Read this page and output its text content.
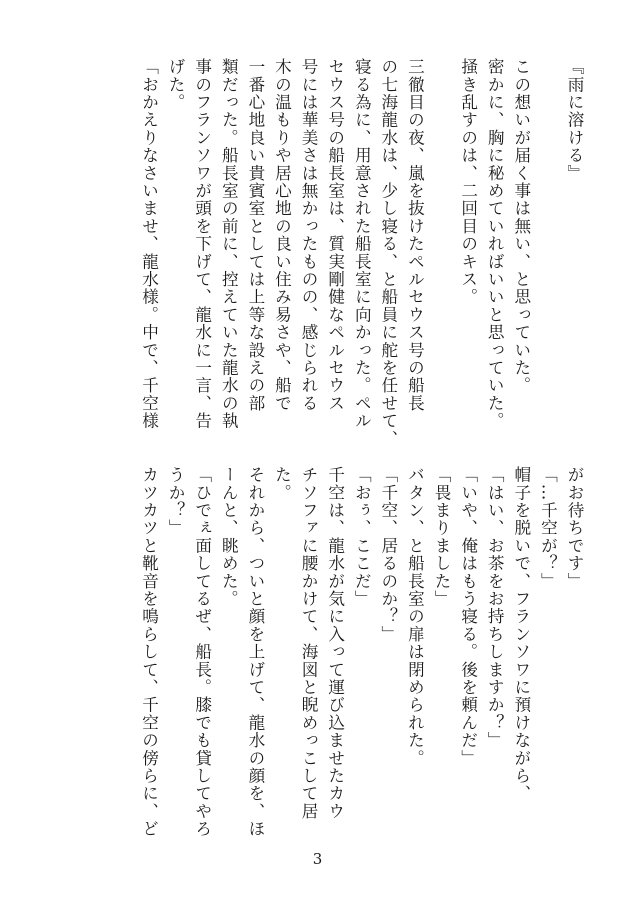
『雨に溶ける』
この想いが届く事は無い、と思っていた。
密かに、胸に秘めていればいいと思っていた。
掻き乱すのは、二回目のキス。
三徹目の夜、嵐を抜けたペルセウス号の船長
の七海龍水は、少し寝る、と船員に舵を任せて、
寝る為に、用意された船長室に向かった。ペル
セウス号の船長室は、質実剛健なペルセウス
号には華美さは無かったものの、感じられる
木の温もりや居心地の良い住み易さや、船で
一番心地良い貴賓室としては上等な設えの部
類だった。船長室の前に、控えていた龍水の執
事のフランソワが頭を下げて、龍水に一言、告
げた。
「おかえりなさいませ、龍水様。中で、千空様
がお待ちです」
「…千空が？」
帽子を脱いで、フランソワに預けながら、
「はい、お茶をお持ちしますか？」
「いや、俺はもう寝る。後を頼んだ」
「畏まりました」
バタン、と船長室の扉は閉められた。
「千空、居るのか？」
「おぅ、ここだ」
千空は、龍水が気に入って運び込ませたカウ
チソファに腰かけて、海図と睨めっこして居
た。
それから、ついと顔を上げて、龍水の顔を、ほ
ーんと、眺めた。
「ひでぇ面してるぜ、船長。膝でも貸してやろ
うか？」
カツカツと靴音を鳴らして、千空の傍らに、ど
3
